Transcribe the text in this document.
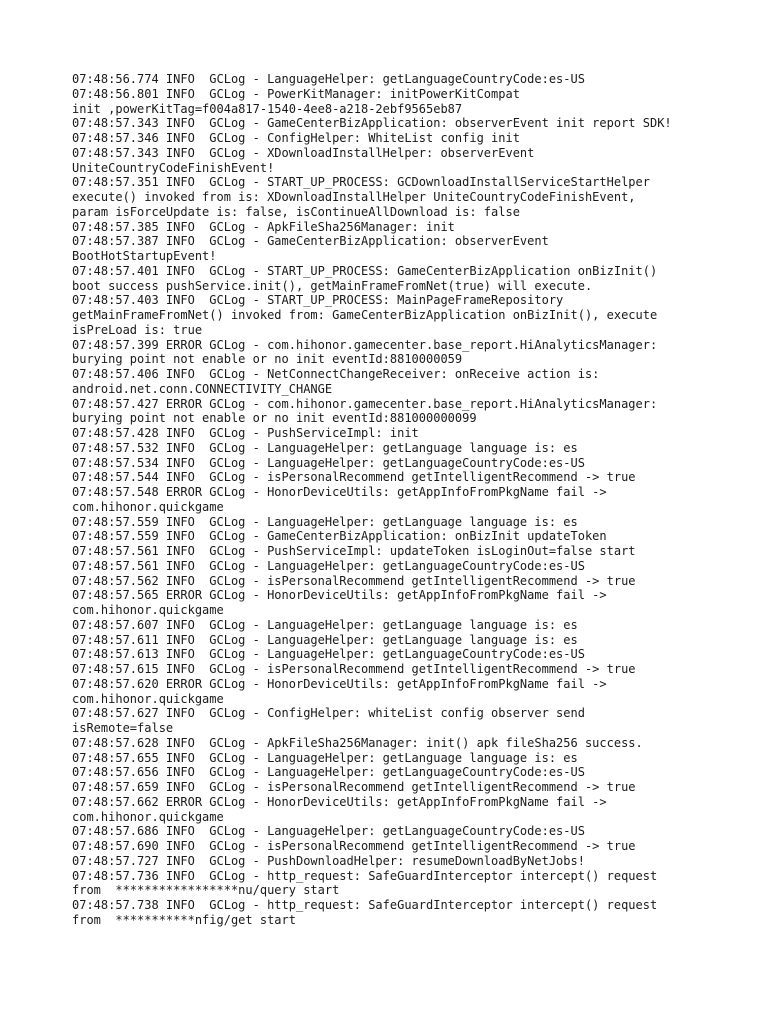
07:48:56.774 INFO  GCLog - LanguageHelper: getLanguageCountryCode:es-US
07:48:56.801 INFO  GCLog - PowerKitManager: initPowerKitCompat
init ,powerKitTag=f004a817-1540-4ee8-a218-2ebf9565eb87
07:48:57.343 INFO  GCLog - GameCenterBizApplication: observerEvent init report SDK!
07:48:57.346 INFO  GCLog - ConfigHelper: WhiteList config init
07:48:57.343 INFO  GCLog - XDownloadInstallHelper: observerEvent
UniteCountryCodeFinishEvent!
07:48:57.351 INFO  GCLog - START_UP_PROCESS: GCDownloadInstallServiceStartHelper
execute() invoked from is: XDownloadInstallHelper UniteCountryCodeFinishEvent,
param isForceUpdate is: false, isContinueAllDownload is: false
07:48:57.385 INFO  GCLog - ApkFileSha256Manager: init
07:48:57.387 INFO  GCLog - GameCenterBizApplication: observerEvent
BootHotStartupEvent!
07:48:57.401 INFO  GCLog - START_UP_PROCESS: GameCenterBizApplication onBizInit()
boot success pushService.init(), getMainFrameFromNet(true) will execute.
07:48:57.403 INFO  GCLog - START_UP_PROCESS: MainPageFrameRepository
getMainFrameFromNet() invoked from: GameCenterBizApplication onBizInit(), execute
isPreLoad is: true
07:48:57.399 ERROR GCLog - com.hihonor.gamecenter.base_report.HiAnalyticsManager:
burying point not enable or no init eventId:8810000059
07:48:57.406 INFO  GCLog - NetConnectChangeReceiver: onReceive action is:
android.net.conn.CONNECTIVITY_CHANGE
07:48:57.427 ERROR GCLog - com.hihonor.gamecenter.base_report.HiAnalyticsManager:
burying point not enable or no init eventId:881000000099
07:48:57.428 INFO  GCLog - PushServiceImpl: init
07:48:57.532 INFO  GCLog - LanguageHelper: getLanguage language is: es
07:48:57.534 INFO  GCLog - LanguageHelper: getLanguageCountryCode:es-US
07:48:57.544 INFO  GCLog - isPersonalRecommend getIntelligentRecommend -> true
07:48:57.548 ERROR GCLog - HonorDeviceUtils: getAppInfoFromPkgName fail ->
com.hihonor.quickgame
07:48:57.559 INFO  GCLog - LanguageHelper: getLanguage language is: es
07:48:57.559 INFO  GCLog - GameCenterBizApplication: onBizInit updateToken
07:48:57.561 INFO  GCLog - PushServiceImpl: updateToken isLoginOut=false start
07:48:57.561 INFO  GCLog - LanguageHelper: getLanguageCountryCode:es-US
07:48:57.562 INFO  GCLog - isPersonalRecommend getIntelligentRecommend -> true
07:48:57.565 ERROR GCLog - HonorDeviceUtils: getAppInfoFromPkgName fail ->
com.hihonor.quickgame
07:48:57.607 INFO  GCLog - LanguageHelper: getLanguage language is: es
07:48:57.611 INFO  GCLog - LanguageHelper: getLanguage language is: es
07:48:57.613 INFO  GCLog - LanguageHelper: getLanguageCountryCode:es-US
07:48:57.615 INFO  GCLog - isPersonalRecommend getIntelligentRecommend -> true
07:48:57.620 ERROR GCLog - HonorDeviceUtils: getAppInfoFromPkgName fail ->
com.hihonor.quickgame
07:48:57.627 INFO  GCLog - ConfigHelper: whiteList config observer send
isRemote=false
07:48:57.628 INFO  GCLog - ApkFileSha256Manager: init() apk fileSha256 success.
07:48:57.655 INFO  GCLog - LanguageHelper: getLanguage language is: es
07:48:57.656 INFO  GCLog - LanguageHelper: getLanguageCountryCode:es-US
07:48:57.659 INFO  GCLog - isPersonalRecommend getIntelligentRecommend -> true
07:48:57.662 ERROR GCLog - HonorDeviceUtils: getAppInfoFromPkgName fail ->
com.hihonor.quickgame
07:48:57.686 INFO  GCLog - LanguageHelper: getLanguageCountryCode:es-US
07:48:57.690 INFO  GCLog - isPersonalRecommend getIntelligentRecommend -> true
07:48:57.727 INFO  GCLog - PushDownloadHelper: resumeDownloadByNetJobs!
07:48:57.736 INFO  GCLog - http_request: SafeGuardInterceptor intercept() request
from  *****************nu/query start
07:48:57.738 INFO  GCLog - http_request: SafeGuardInterceptor intercept() request
from  ***********nfig/get start
